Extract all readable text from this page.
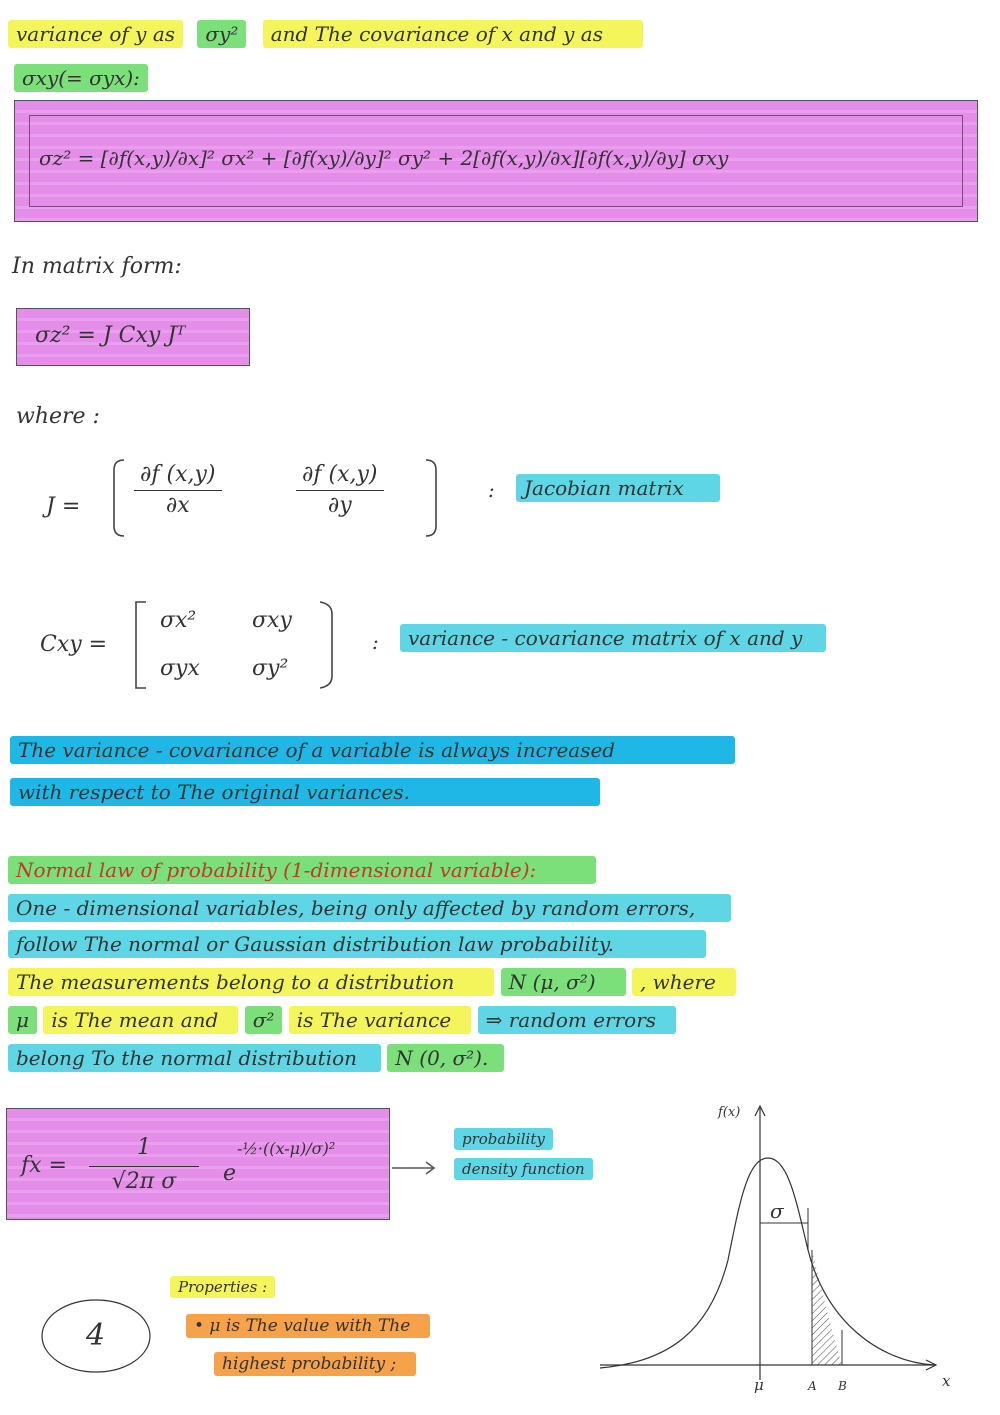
variance of y as σy² and The covariance of x and y as
σxy(= σyx):
σz² = [∂f(x,y)/∂x]² σx² + [∂f(xy)/∂y]² σy² + 2[∂f(x,y)/∂x][∂f(x,y)/∂y] σxy
In matrix form:
σz² = J Cxy Jᵀ
where :
$J = \frac{\partial f (x,y)}{\partial x}$	$\frac{\partial f (x,y)}{\partial y}$	:	Jacobian matrix
Cxy =
σx²	σxy
σyx σy²
:	variance - covariance matrix of x and y
The variance - covariance of a variable is always increased
with respect to The original variances.
Normal law of probability (1-dimensional variable):
One - dimensional variables, being only affected by random errors,
follow The normal or Gaussian distribution law probability.
The measurements belong to a distribution	N (μ, σ²) , where
μ is The mean and σ² is The variance ⇒ random errors
belong To the normal distribution N (0, σ²).
fx = $\frac{1}{\text{√2π σ}}$ e
-½·((x-μ)/σ)²	probability
density function
σ
f(x)
x
μ	A B
Properties :
• μ is The value with The
highest probability ;
4
